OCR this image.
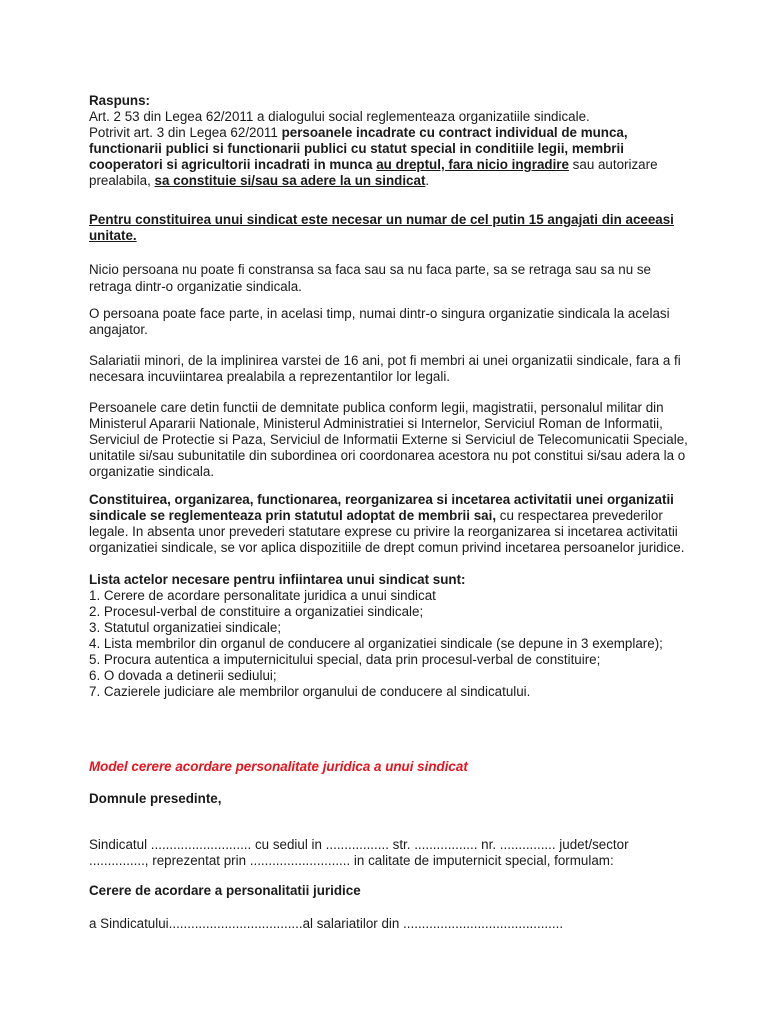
Raspuns:
Art. 2 53 din Legea 62/2011 a dialogului social reglementeaza organizatiile sindicale.
Potrivit art. 3 din Legea 62/2011 persoanele incadrate cu contract individual de munca, functionarii publici si functionarii publici cu statut special in conditiile legii, membrii cooperatori si agricultorii incadrati in munca au dreptul, fara nicio ingradire sau autorizare prealabila, sa constituie si/sau sa adere la un sindicat.
Pentru constituirea unui sindicat este necesar un numar de cel putin 15 angajati din aceeasi unitate.
Nicio persoana nu poate fi constransa sa faca sau sa nu faca parte, sa se retraga sau sa nu se retraga dintr-o organizatie sindicala.
O persoana poate face parte, in acelasi timp, numai dintr-o singura organizatie sindicala la acelasi angajator.
Salariatii minori, de la implinirea varstei de 16 ani, pot fi membri ai unei organizatii sindicale, fara a fi necesara incuviintarea prealabila a reprezentantilor lor legali.
Persoanele care detin functii de demnitate publica conform legii, magistratii, personalul militar din Ministerul Apararii Nationale, Ministerul Administratiei si Internelor, Serviciul Roman de Informatii, Serviciul de Protectie si Paza, Serviciul de Informatii Externe si Serviciul de Telecomunicatii Speciale, unitatile si/sau subunitatile din subordinea ori coordonarea acestora nu pot constitui si/sau adera la o organizatie sindicala.
Constituirea, organizarea, functionarea, reorganizarea si incetarea activitatii unei organizatii sindicale se reglementeaza prin statutul adoptat de membrii sai, cu respectarea prevederilor legale. In absenta unor prevederi statutare exprese cu privire la reorganizarea si incetarea activitatii organizatiei sindicale, se vor aplica dispozitiile de drept comun privind incetarea persoanelor juridice.
Lista actelor necesare pentru infiintarea unui sindicat sunt:
1. Cerere de acordare personalitate juridica a unui sindicat
2. Procesul-verbal de constituire a organizatiei sindicale;
3. Statutul organizatiei sindicale;
4. Lista membrilor din organul de conducere al organizatiei sindicale (se depune in 3 exemplare);
5. Procura autentica a imputernicitului special, data prin procesul-verbal de constituire;
6. O dovada a detinerii sediului;
7. Cazierele judiciare ale membrilor organului de conducere al sindicatului.
Model cerere acordare personalitate juridica a unui sindicat
Domnule presedinte,
Sindicatul ........................... cu sediul in ................. str. ................. nr. ............... judet/sector ..............., reprezentat prin ........................... in calitate de imputernicit special, formulam:
Cerere de acordare a personalitatii juridice
a Sindicatului....................................al salariatilor din ...........................................
